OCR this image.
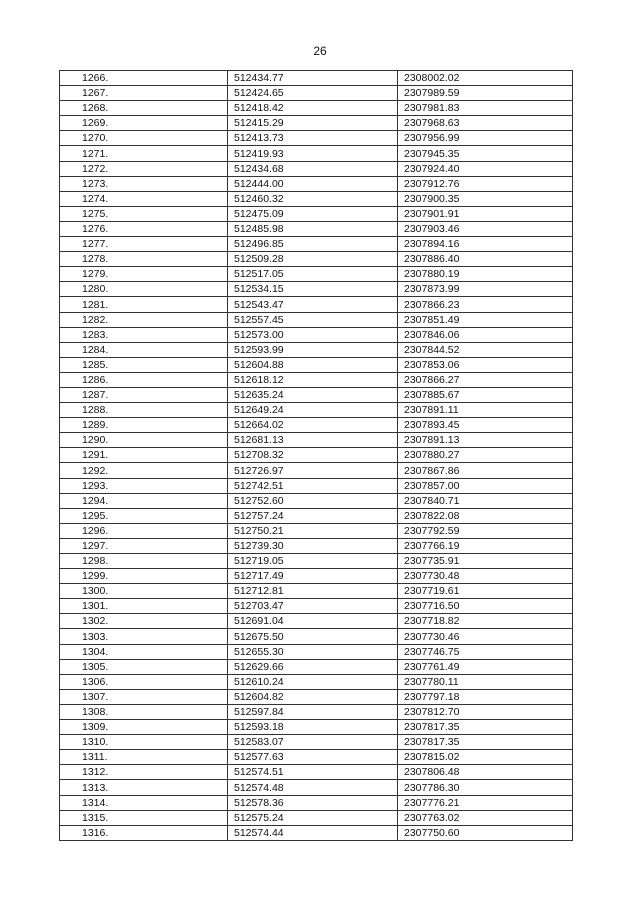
26
1266.	512434.77	2308002.02
1267.	512424.65	2307989.59
1268.	512418.42	2307981.83
1269.	512415.29	2307968.63
1270.	512413.73	2307956.99
1271.	512419.93	2307945.35
1272.	512434.68	2307924.40
1273.	512444.00	2307912.76
1274.	512460.32	2307900.35
1275.	512475.09	2307901.91
1276.	512485.98	2307903.46
1277.	512496.85	2307894.16
1278.	512509.28	2307886.40
1279.	512517.05	2307880.19
1280.	512534.15	2307873.99
1281.	512543.47	2307866.23
1282.	512557.45	2307851.49
1283.	512573.00	2307846.06
1284.	512593.99	2307844.52
1285.	512604.88	2307853.06
1286.	512618.12	2307866.27
1287.	512635.24	2307885.67
1288.	512649.24	2307891.11
1289.	512664.02	2307893.45
1290.	512681.13	2307891.13
1291.	512708.32	2307880.27
1292.	512726.97	2307867.86
1293.	512742.51	2307857.00
1294.	512752.60	2307840.71
1295.	512757.24	2307822.08
1296.	512750.21	2307792.59
1297.	512739.30	2307766.19
1298.	512719.05	2307735.91
1299.	512717.49	2307730.48
1300.	512712.81	2307719.61
1301.	512703.47	2307716.50
1302.	512691.04	2307718.82
1303.	512675.50	2307730.46
1304.	512655.30	2307746.75
1305.	512629.66	2307761.49
1306.	512610.24	2307780.11
1307.	512604.82	2307797.18
1308.	512597.84	2307812.70
1309.	512593.18	2307817.35
1310.	512583.07	2307817.35
1311.	512577.63	2307815.02
1312.	512574.51	2307806.48
1313.	512574.48	2307786.30
1314.	512578.36	2307776.21
1315.	512575.24	2307763.02
1316.	512574.44	2307750.60
